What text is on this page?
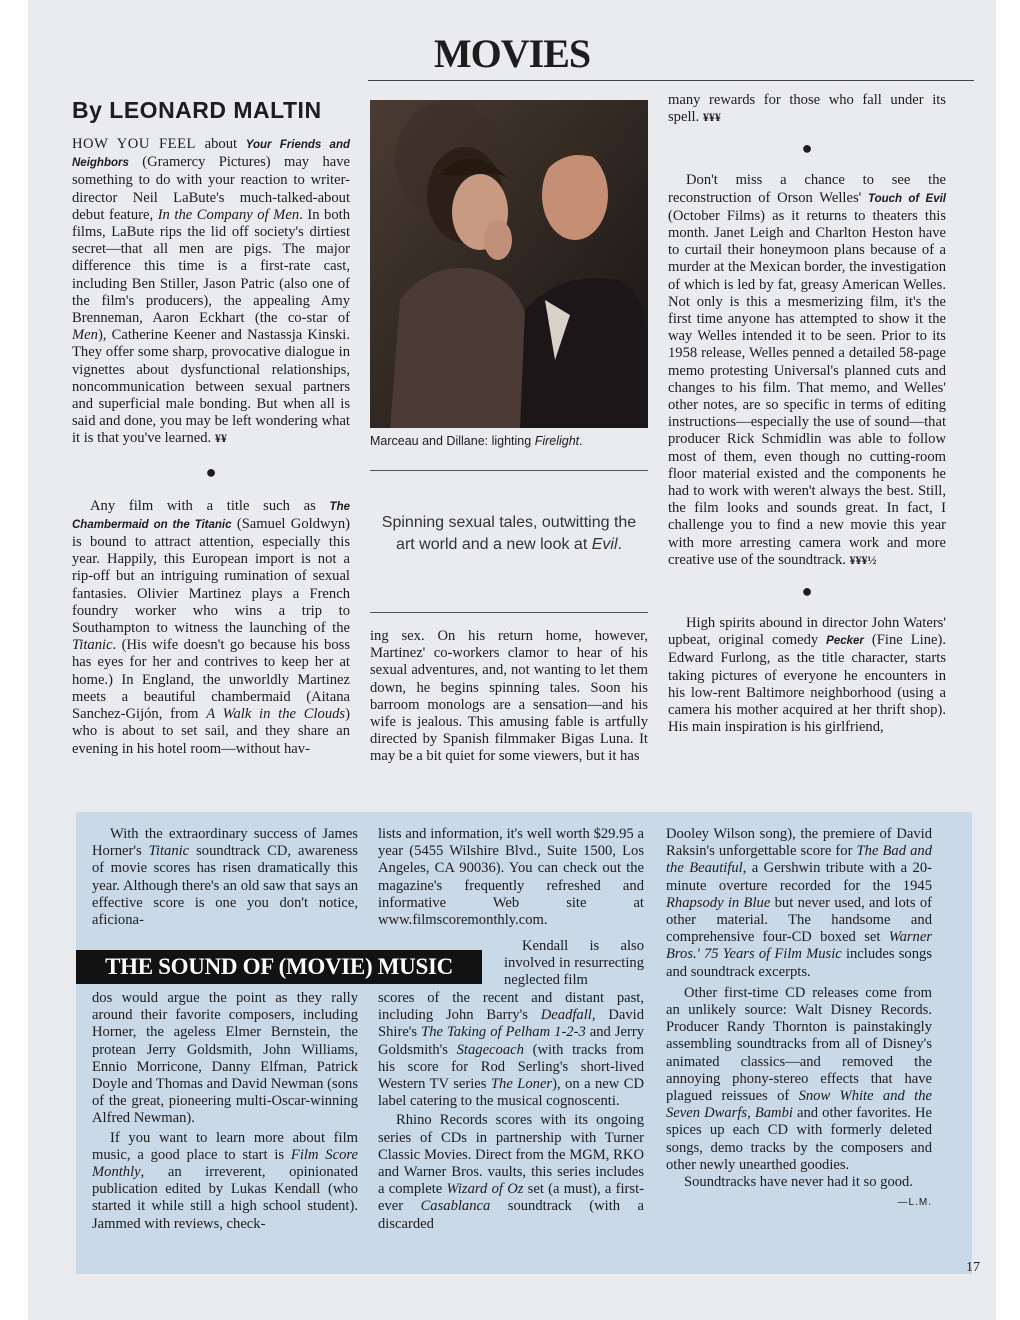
MOVIES
By LEONARD MALTIN

HOW YOU FEEL about Your Friends and Neighbors (Gramercy Pictures) may have something to do with your reaction to writer-director Neil LaBute's much-talked-about debut feature, In the Company of Men. In both films, LaBute rips the lid off society's dirtiest secret—that all men are pigs. The major difference this time is a first-rate cast, including Ben Stiller, Jason Patric (also one of the film's producers), the appealing Amy Brenneman, Aaron Eckhart (the co-star of Men), Catherine Keener and Nastassja Kinski. They offer some sharp, provocative dialogue in vignettes about dysfunctional relationships, noncommunication between sexual partners and superficial male bonding. But when all is said and done, you may be left wondering what it is that you've learned. ¥¥

●

Any film with a title such as The Chambermaid on the Titanic (Samuel Goldwyn) is bound to attract attention, especially this year. Happily, this European import is not a rip-off but an intriguing rumination of sexual fantasies. Olivier Martinez plays a French foundry worker who wins a trip to Southampton to witness the launching of the Titanic. (His wife doesn't go because his boss has eyes for her and contrives to keep her at home.) In England, the unworldly Martinez meets a beautiful chambermaid (Aitana Sanchez-Gijón, from A Walk in the Clouds) who is about to set sail, and they share an evening in his hotel room—without hav-

Marceau and Dillane: lighting Firelight.
Spinning sexual tales, outwitting the art world and a new look at Evil.

ing sex. On his return home, however, Martinez' co-workers clamor to hear of his sexual adventures, and, not wanting to let them down, he begins spinning tales. Soon his barroom monologs are a sensation—and his wife is jealous. This amusing fable is artfully directed by Spanish filmmaker Bigas Luna. It may be a bit quiet for some viewers, but it has

many rewards for those who fall under its spell. ¥¥¥

●

Don't miss a chance to see the reconstruction of Orson Welles' Touch of Evil (October Films) as it returns to theaters this month. Janet Leigh and Charlton Heston have to curtail their honeymoon plans because of a murder at the Mexican border, the investigation of which is led by fat, greasy American Welles. Not only is this a mesmerizing film, it's the first time anyone has attempted to show it the way Welles intended it to be seen. Prior to its 1958 release, Welles penned a detailed 58-page memo protesting Universal's planned cuts and changes to his film. That memo, and Welles' other notes, are so specific in terms of editing instructions—especially the use of sound—that producer Rick Schmidlin was able to follow most of them, even though no cutting-room floor material existed and the components he had to work with weren't always the best. Still, the film looks and sounds great. In fact, I challenge you to find a new movie this year with more arresting camera work and more creative use of the soundtrack. ¥¥¥½

●

High spirits abound in director John Waters' upbeat, original comedy Pecker (Fine Line). Edward Furlong, as the title character, starts taking pictures of everyone he encounters in his low-rent Baltimore neighborhood (using a camera his mother acquired at her thrift shop). His main inspiration is his girlfriend,

With the extraordinary success of James Horner's Titanic soundtrack CD, awareness of movie scores has risen dramatically this year. Although there's an old saw that says an effective score is one you don't notice, aficiona-

THE SOUND OF (MOVIE) MUSIC

dos would argue the point as they rally around their favorite composers, including Horner, the ageless Elmer Bernstein, the protean Jerry Goldsmith, John Williams, Ennio Morricone, Danny Elfman, Patrick Doyle and Thomas and David Newman (sons of the great, pioneering multi-Oscar-winning Alfred Newman).

If you want to learn more about film music, a good place to start is Film Score Monthly, an irreverent, opinionated publication edited by Lukas Kendall (who started it while still a high school student). Jammed with reviews, check-

lists and information, it's well worth $29.95 a year (5455 Wilshire Blvd., Suite 1500, Los Angeles, CA 90036). You can check out the magazine's frequently refreshed and informative Web site at www.filmscoremonthly.com.

Kendall is also involved in resurrecting neglected film

scores of the recent and distant past, including John Barry's Deadfall, David Shire's The Taking of Pelham 1-2-3 and Jerry Goldsmith's Stagecoach (with tracks from his score for Rod Serling's short-lived Western TV series The Loner), on a new CD label catering to the musical cognoscenti.

Rhino Records scores with its ongoing series of CDs in partnership with Turner Classic Movies. Direct from the MGM, RKO and Warner Bros. vaults, this series includes a complete Wizard of Oz set (a must), a first-ever Casablanca soundtrack (with a discarded

Dooley Wilson song), the premiere of David Raksin's unforgettable score for The Bad and the Beautiful, a Gershwin tribute with a 20-minute overture recorded for the 1945 Rhapsody in Blue but never used, and lots of other material. The handsome and comprehensive four-CD boxed set Warner Bros.' 75 Years of Film Music includes songs and soundtrack excerpts.

Other first-time CD releases come from an unlikely source: Walt Disney Records. Producer Randy Thornton is painstakingly assembling soundtracks from all of Disney's animated classics—and removed the annoying phony-stereo effects that have plagued reissues of Snow White and the Seven Dwarfs, Bambi and other favorites. He spices up each CD with formerly deleted songs, demo tracks by the composers and other newly unearthed goodies.

Soundtracks have never had it so good.
—L.M.

17
